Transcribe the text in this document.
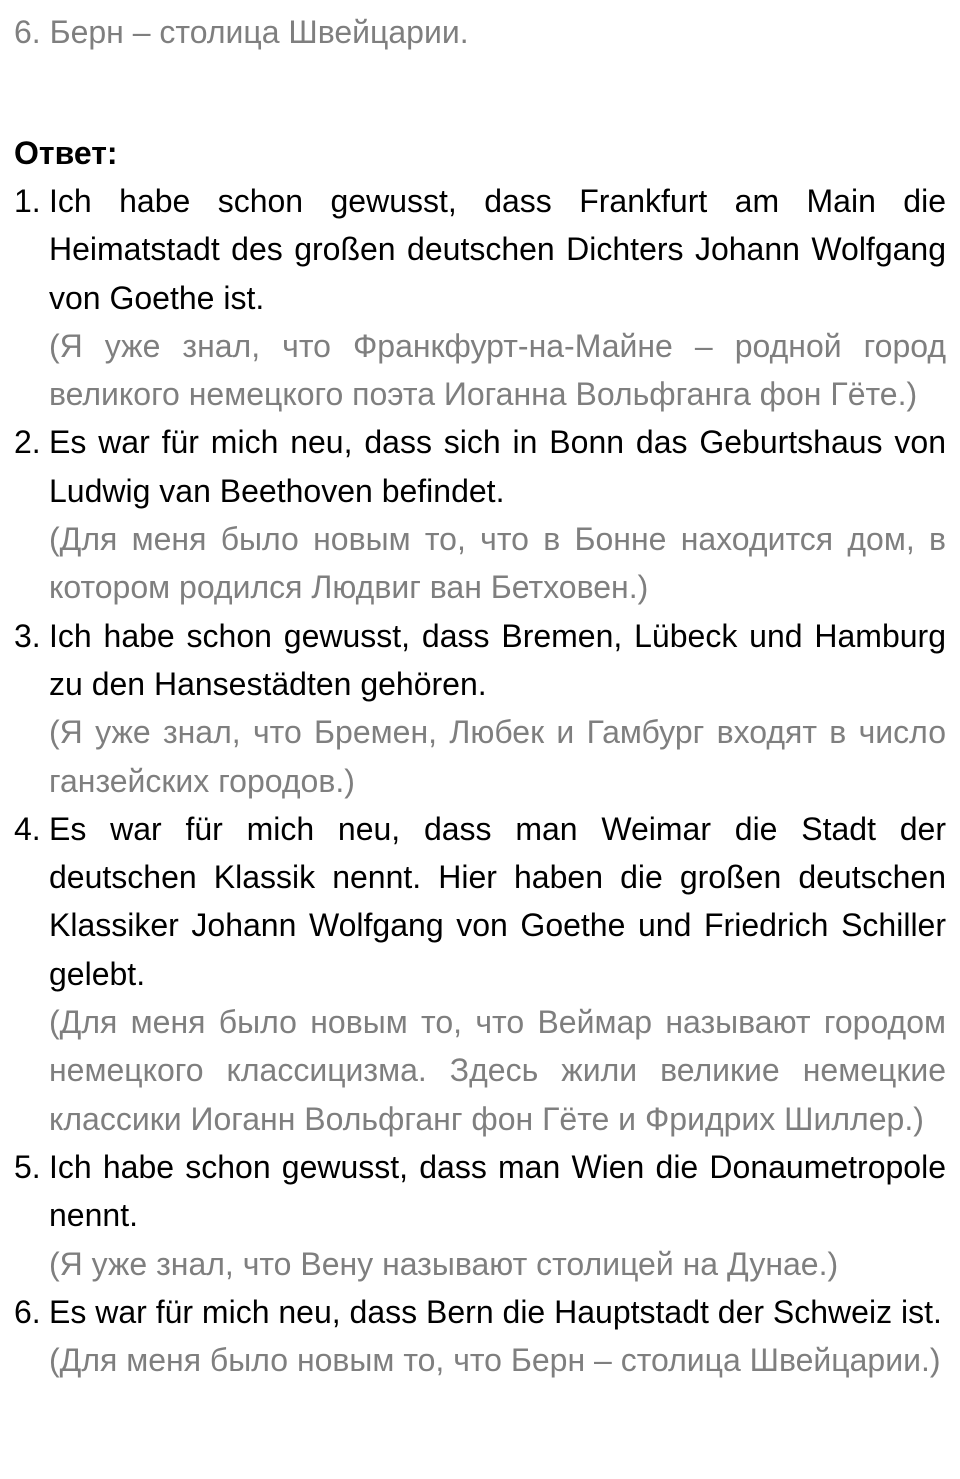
6. Берн – столица Швейцарии.
Ответ:
1. Ich habe schon gewusst, dass Frankfurt am Main die Heimatstadt des großen deutschen Dichters Johann Wolfgang von Goethe ist.

(Я уже знал, что Франкфурт-на-Майне – родной город великого немецкого поэта Иоганна Вольфганга фон Гёте.)

2. Es war für mich neu, dass sich in Bonn das Geburtshaus von Ludwig van Beethoven befindet.

(Для меня было новым то, что в Бонне находится дом, в котором родился Людвиг ван Бетховен.)

3. Ich habe schon gewusst, dass Bremen, Lübeck und Hamburg zu den Hansestädten gehören.

(Я уже знал, что Бремен, Любек и Гамбург входят в число ганзейских городов.)

4. Es war für mich neu, dass man Weimar die Stadt der deutschen Klassik nennt. Hier haben die großen deutschen Klassiker Johann Wolfgang von Goethe und Friedrich Schiller gelebt.

(Для меня было новым то, что Веймар называют городом немецкого классицизма. Здесь жили великие немецкие классики Иоганн Вольфганг фон Гёте и Фридрих Шиллер.)

5. Ich habe schon gewusst, dass man Wien die Donaumetropole nennt.

(Я уже знал, что Вену называют столицей на Дунае.)

6. Es war für mich neu, dass Bern die Hauptstadt der Schweiz ist.

(Для меня было новым то, что Берн – столица Швейцарии.)
